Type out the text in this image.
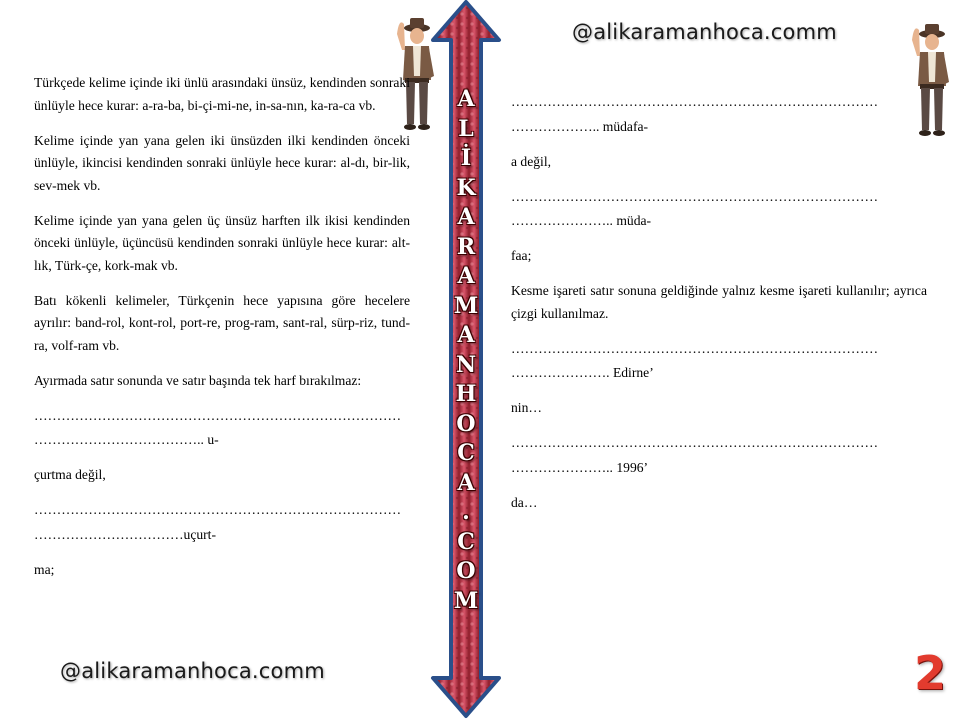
@alikaramanhoca.comm
A
L
İ
K
A
R
A
M
A
N
H
O
C
A
.
C
O
M

Türkçede kelime içinde iki ünlü arasındaki ünsüz, kendinden sonraki ünlüyle hece kurar: a-ra-ba, bi-çi-mi-ne, in-sa-nın, ka-ra-ca vb.

Kelime içinde yan yana gelen iki ünsüzden ilki kendinden önceki ünlüyle, ikincisi kendinden sonraki ünlüyle hece kurar: al-dı, bir-lik, sev-mek vb.

Kelime içinde yan yana gelen üç ünsüz harften ilk ikisi kendinden önceki ünlüyle, üçüncüsü kendinden sonraki ünlüyle hece kurar: alt-lık, Türk-çe, kork-mak vb.

Batı kökenli kelimeler, Türkçenin hece yapısına göre hecelere ayrılır: band-rol, kont-rol, port-re, prog-ram, sant-ral, sürp-riz, tund-ra, volf-ram vb.

Ayırmada satır sonunda ve satır başında tek harf bırakılmaz:

………………………………………………………………………

……………………………….. u-

çurtma değil,

………………………………………………………………………

……………………………uçurt-

ma;

………………………………………………………………………

……………….. müdafa-

a değil,

………………………………………………………………………

………………….. müda-

faa;

Kesme işareti satır sonuna geldiğinde yalnız kesme işareti kullanılır; ayrıca çizgi kullanılmaz.

………………………………………………………………………

…………………. Edirne’

nin…

………………………………………………………………………

………………….. 1996’

da…

@alikaramanhoca.comm	2
